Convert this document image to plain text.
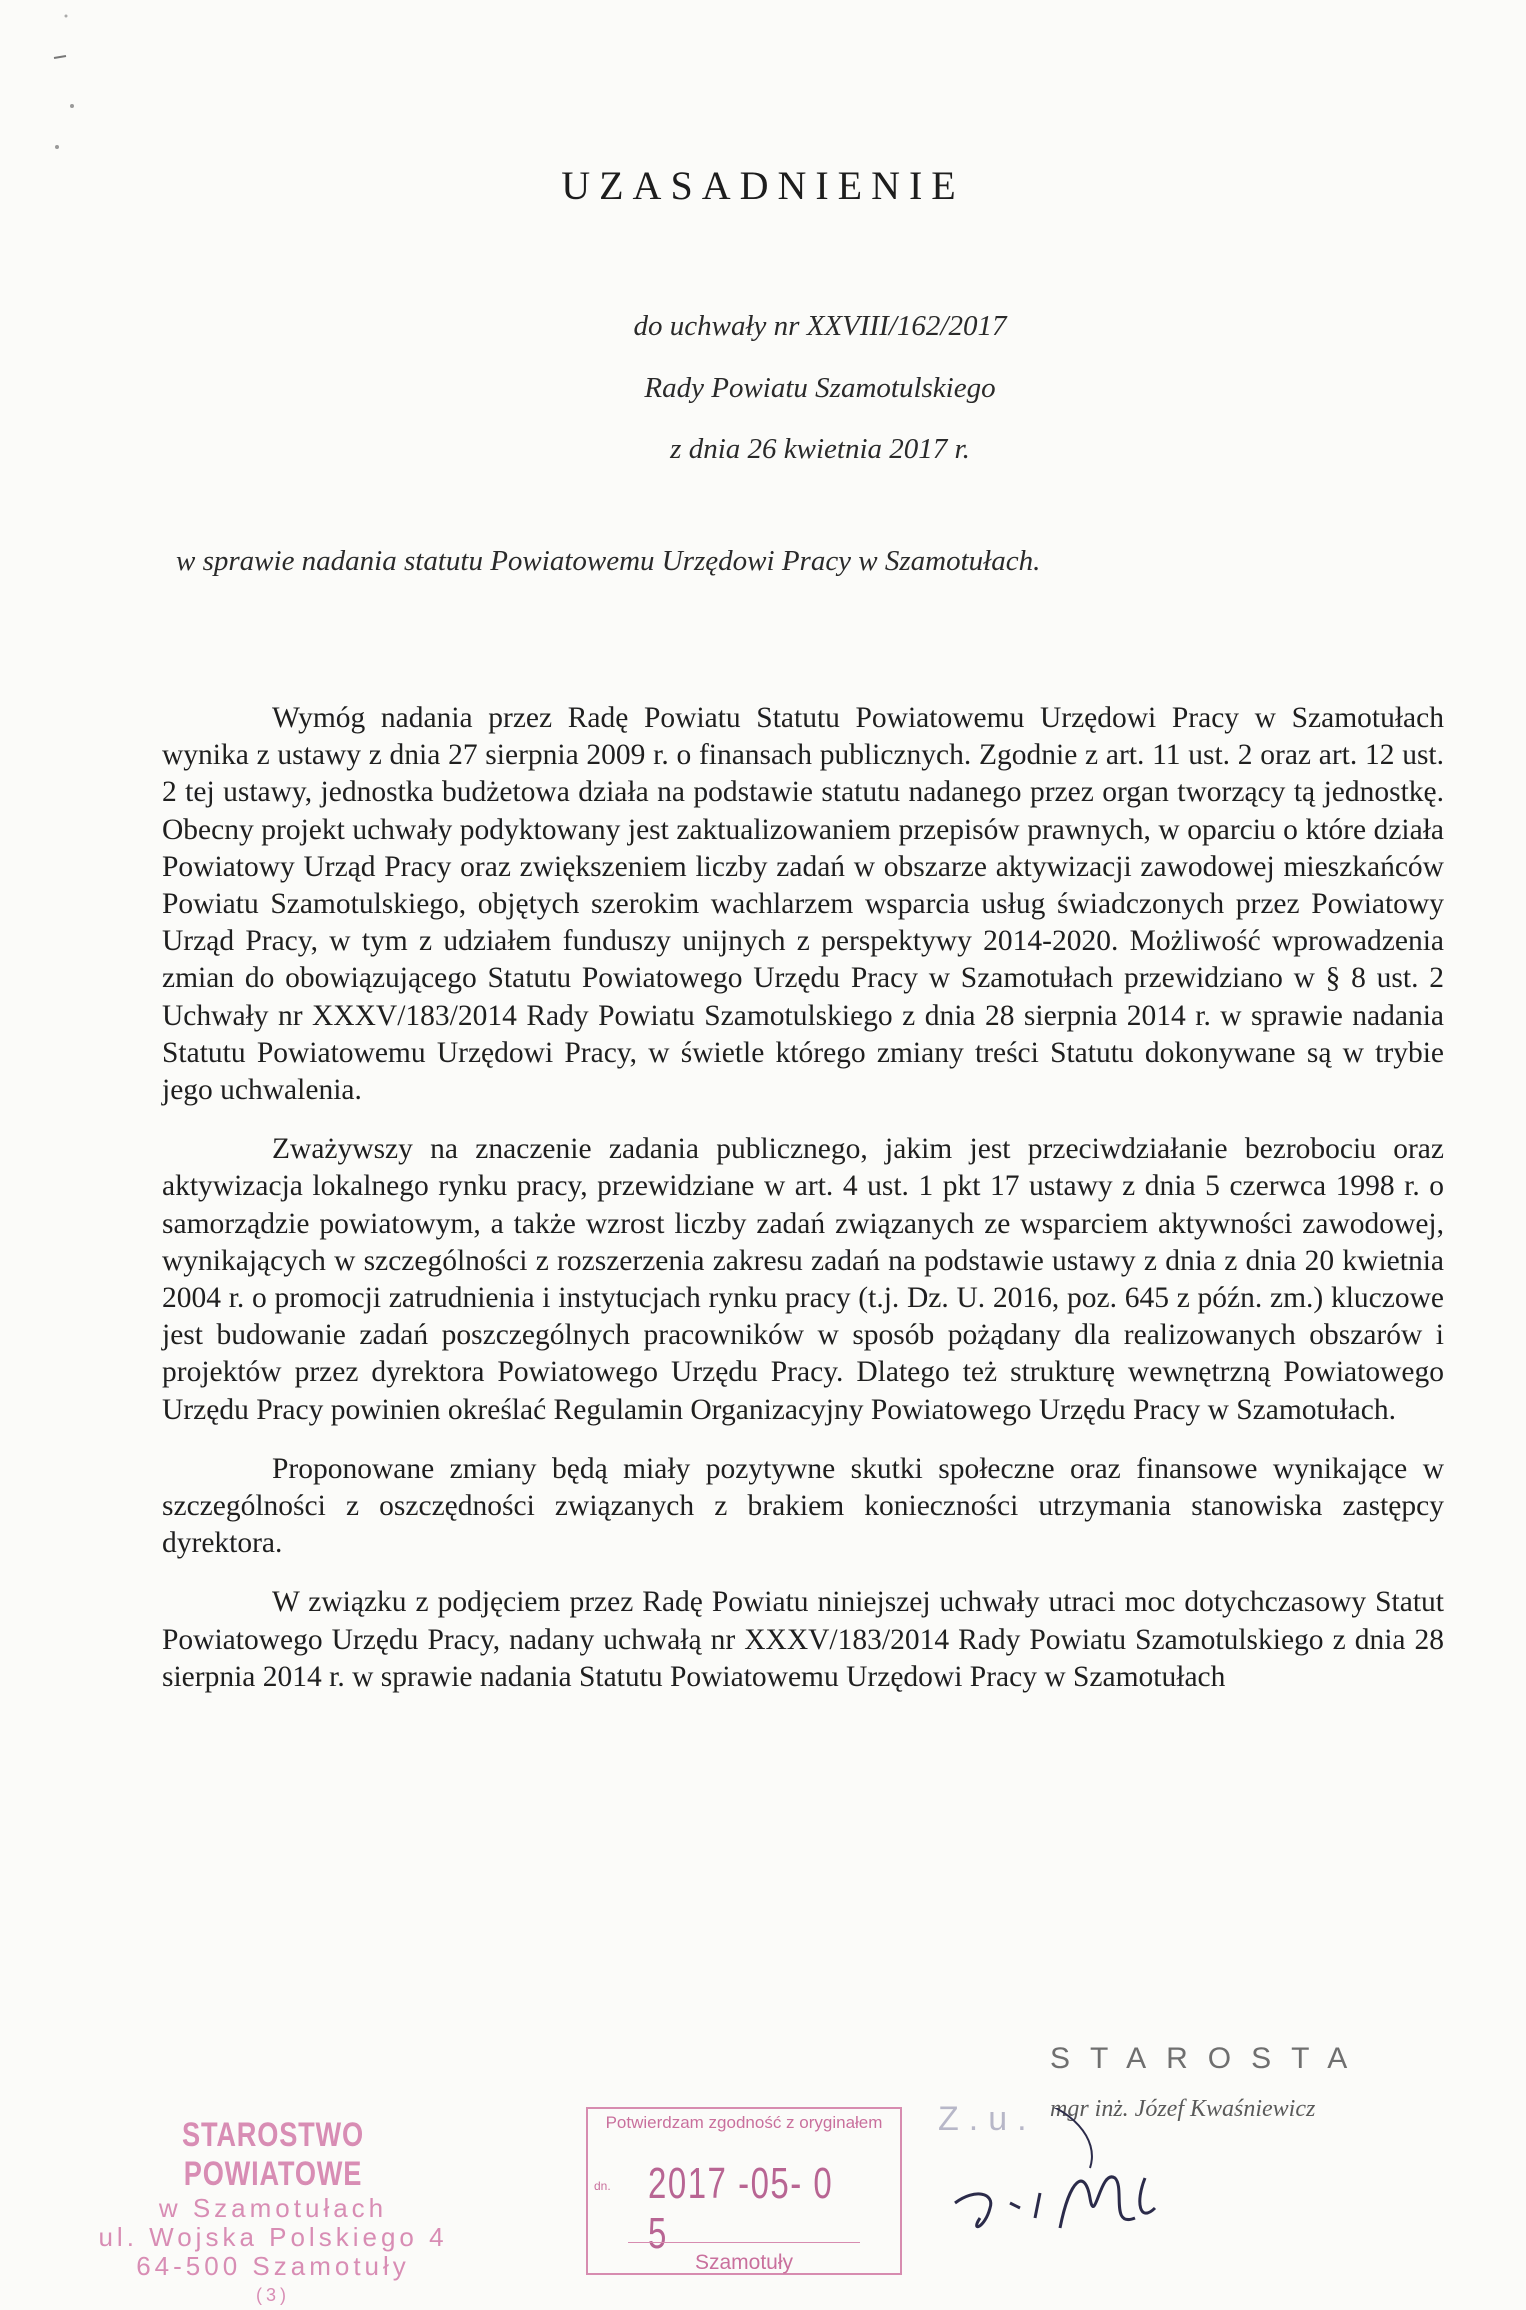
UZASADNIENIE
do uchwały nr XXVIII/162/2017
Rady Powiatu Szamotulskiego
z dnia 26 kwietnia 2017 r.
w sprawie nadania statutu Powiatowemu Urzędowi Pracy w Szamotułach.

Wymóg nadania przez Radę Powiatu Statutu Powiatowemu Urzędowi Pracy w Szamotułach wynika z ustawy z dnia 27 sierpnia 2009 r. o finansach publicznych. Zgodnie z art. 11 ust. 2 oraz art. 12 ust. 2 tej ustawy, jednostka budżetowa działa na podstawie statutu nadanego przez organ tworzący tą jednostkę. Obecny projekt uchwały podyktowany jest zaktualizowaniem przepisów prawnych, w oparciu o które działa Powiatowy Urząd Pracy oraz zwiększeniem liczby zadań w obszarze aktywizacji zawodowej mieszkańców Powiatu Szamotulskiego, objętych szerokim wachlarzem wsparcia usług świadczonych przez Powiatowy Urząd Pracy, w tym z udziałem funduszy unijnych z perspektywy 2014-2020. Możliwość wprowadzenia zmian do obowiązującego Statutu Powiatowego Urzędu Pracy w Szamotułach przewidziano w § 8 ust. 2 Uchwały nr XXXV/183/2014 Rady Powiatu Szamotulskiego z dnia 28 sierpnia 2014 r. w sprawie nadania Statutu Powiatowemu Urzędowi Pracy, w świetle którego zmiany treści Statutu dokonywane są w trybie jego uchwalenia.

Zważywszy na znaczenie zadania publicznego, jakim jest przeciwdziałanie bezrobociu oraz aktywizacja lokalnego rynku pracy, przewidziane w art. 4 ust. 1 pkt 17 ustawy z dnia 5 czerwca 1998 r. o samorządzie powiatowym, a także wzrost liczby zadań związanych ze wsparciem aktywności zawodowej, wynikających w szczególności z rozszerzenia zakresu zadań na podstawie ustawy z dnia z dnia 20 kwietnia 2004 r. o promocji zatrudnienia i instytucjach rynku pracy (t.j. Dz. U. 2016, poz. 645 z późn. zm.) kluczowe jest budowanie zadań poszczególnych pracowników w sposób pożądany dla realizowanych obszarów i projektów przez dyrektora Powiatowego Urzędu Pracy. Dlatego też strukturę wewnętrzną Powiatowego Urzędu Pracy powinien określać Regulamin Organizacyjny Powiatowego Urzędu Pracy w Szamotułach.

Proponowane zmiany będą miały pozytywne skutki społeczne oraz finansowe wynikające w szczególności z oszczędności związanych z brakiem konieczności utrzymania stanowiska zastępcy dyrektora.

W związku z podjęciem przez Radę Powiatu niniejszej uchwały utraci moc dotychczasowy Statut Powiatowego Urzędu Pracy, nadany uchwałą nr XXXV/183/2014 Rady Powiatu Szamotulskiego z dnia 28 sierpnia 2014 r. w sprawie nadania Statutu Powiatowemu Urzędowi Pracy w Szamotułach

STAROSTA
Z.u. mgr inż. Józef Kwaśniewicz
STAROSTWO POWIATOWE
w Szamotułach
ul. Wojska Polskiego 4
64-500 Szamotuły
(3)
Potwierdzam zgodność z oryginałem
dn. 2017 -05- 0 5
Szamotuły
